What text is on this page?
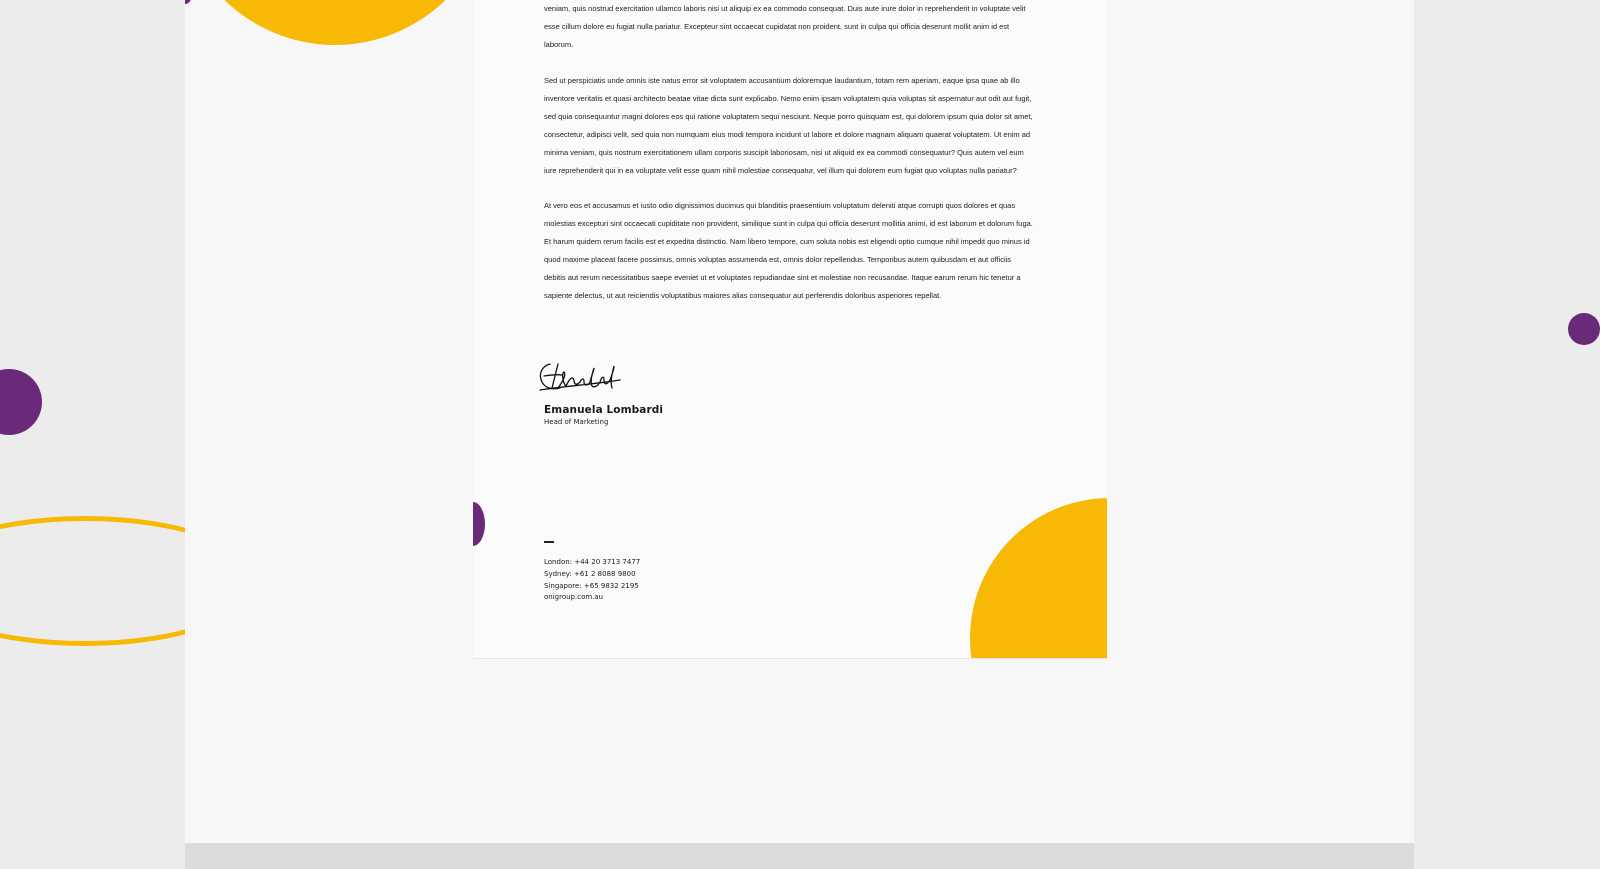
veniam, quis nostrud exercitation ullamco laboris nisi ut aliquip ex ea commodo consequat. Duis aute irure dolor in reprehenderit in voluptate velit esse cillum dolore eu fugiat nulla pariatur. Excepteur sint occaecat cupidatat non proident, sunt in culpa qui officia deserunt mollit anim id est laborum.

Sed ut perspiciatis unde omnis iste natus error sit voluptatem accusantium doloremque laudantium, totam rem aperiam, eaque ipsa quae ab illo inventore veritatis et quasi architecto beatae vitae dicta sunt explicabo. Nemo enim ipsam voluptatem quia voluptas sit aspernatur aut odit aut fugit, sed quia consequuntur magni dolores eos qui ratione voluptatem sequi nesciunt. Neque porro quisquam est, qui dolorem ipsum quia dolor sit amet, consectetur, adipisci velit, sed quia non numquam eius modi tempora incidunt ut labore et dolore magnam aliquam quaerat voluptatem. Ut enim ad minima veniam, quis nostrum exercitationem ullam corporis suscipit laboriosam, nisi ut aliquid ex ea commodi consequatur? Quis autem vel eum iure reprehenderit qui in ea voluptate velit esse quam nihil molestiae consequatur, vel illum qui dolorem eum fugiat quo voluptas nulla pariatur?

At vero eos et accusamus et iusto odio dignissimos ducimus qui blanditiis praesentium voluptatum deleniti atque corrupti quos dolores et quas molestias excepturi sint occaecati cupiditate non provident, similique sunt in culpa qui officia deserunt mollitia animi, id est laborum et dolorum fuga. Et harum quidem rerum facilis est et expedita distinctio. Nam libero tempore, cum soluta nobis est eligendi optio cumque nihil impedit quo minus id quod maxime placeat facere possimus, omnis voluptas assumenda est, omnis dolor repellendus. Temporibus autem quibusdam et aut officiis debitis aut rerum necessitatibus saepe eveniet ut et voluptates repudiandae sint et molestiae non recusandae. Itaque earum rerum hic tenetur a sapiente delectus, ut aut reiciendis voluptatibus maiores alias consequatur aut perferendis doloribus asperiores repellat.

Emanuela Lombardi
Head of Marketing
London: +44 20 3713 7477
Sydney: +61 2 8088 9800
Singapore: +65 9832 2195
onigroup.com.au
